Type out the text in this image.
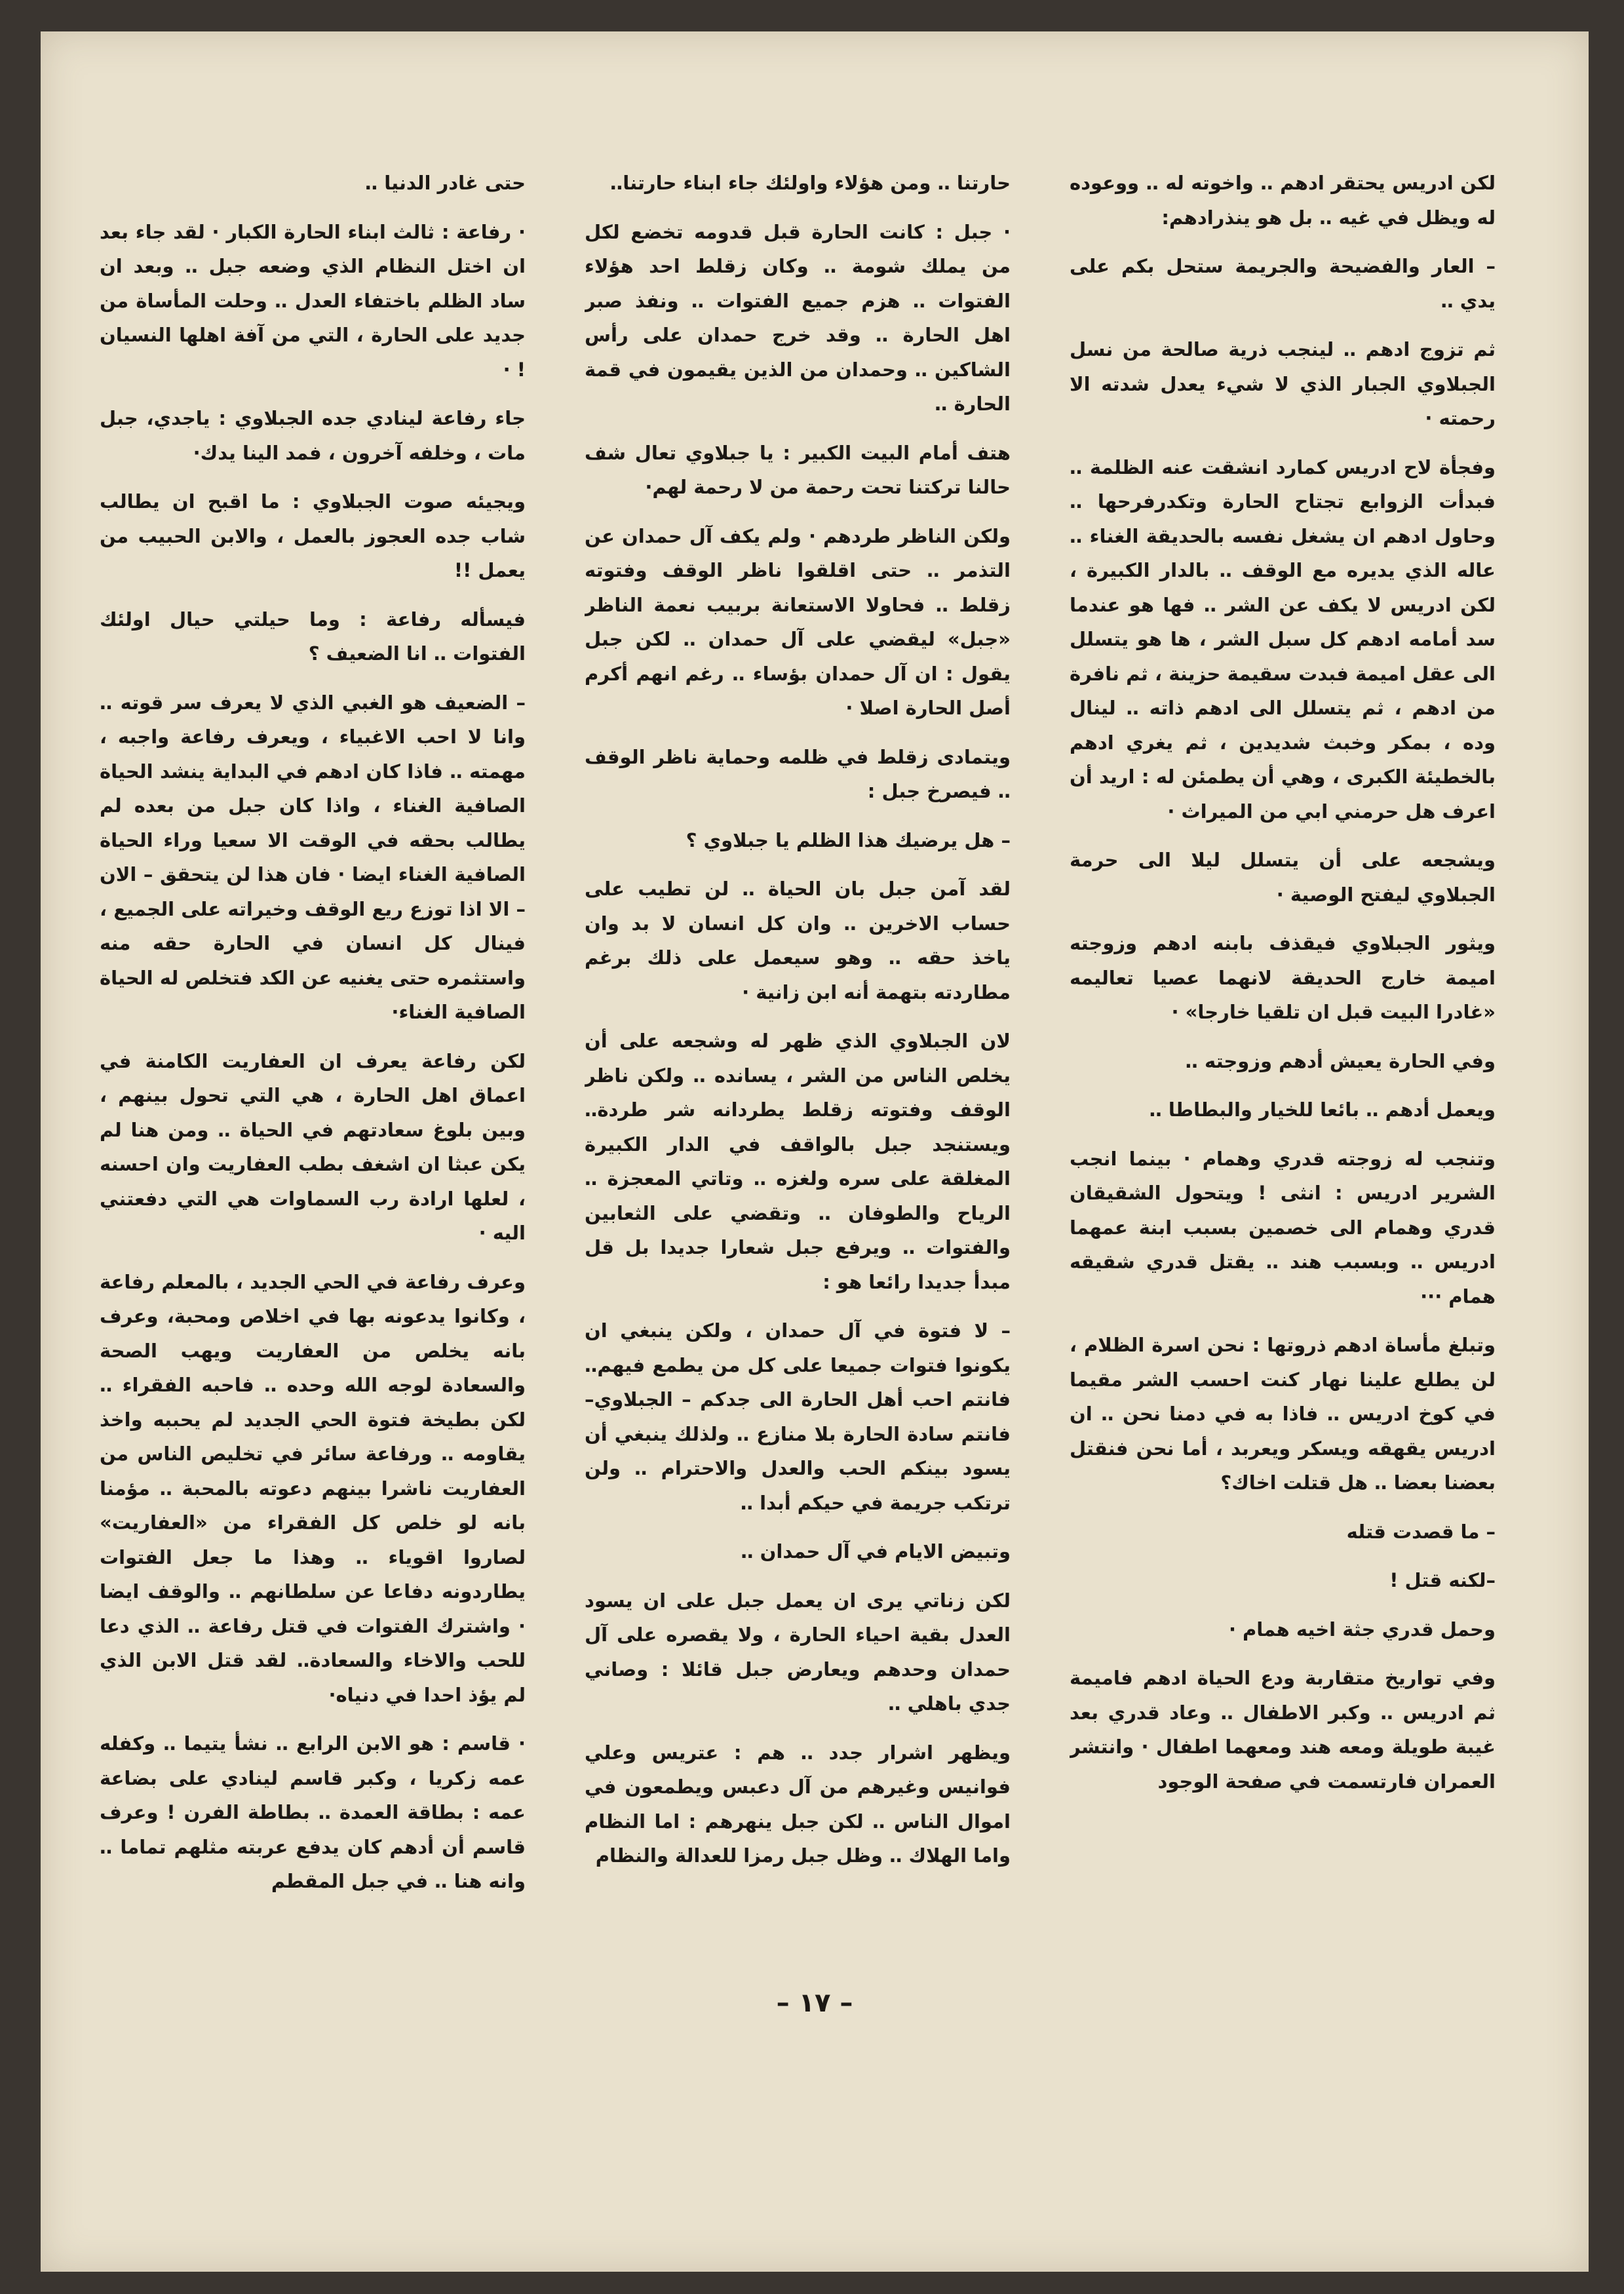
لكن ادريس يحتقر ادهم ‥ واخوته له ‥ ووعوده له ويظل في غيه ‥ بل هو ينذرادهم:

– العار والفضيحة والجريمة ستحل بكم على يدي ‥

ثم تزوج ادهم ‥ لينجب ذرية صالحة من نسل الجبلاوي الجبار الذي لا شيء يعدل شدته الا رحمته ·

وفجأة لاح ادريس كمارد انشقت عنه الظلمة ‥ فبدأت الزوابع تجتاح الحارة وتكدرفرحها ‥ وحاول ادهم ان يشغل نفسه بالحديقة الغناء ‥ عاله الذي يديره مع الوقف ‥ بالدار الكبيرة ، لكن ادريس لا يكف عن الشر ‥ فها هو عندما سد أمامه ادهم كل سبل الشر ، ها هو يتسلل الى عقل اميمة فبدت سقيمة حزينة ، ثم نافرة من ادهم ، ثم يتسلل الى ادهم ذاته ‥ لينال وده ، بمكر وخبث شديدين ، ثم يغري ادهم بالخطيئة الكبرى ، وهي أن يطمئن له : اريد أن اعرف هل حرمني ابي من الميراث ·

ويشجعه على أن يتسلل ليلا الى حرمة الجبلاوي ليفتح الوصية ·

ويثور الجبلاوي فيقذف بابنه ادهم وزوجته اميمة خارج الحديقة لانهما عصيا تعاليمه «غادرا البيت قبل ان تلقيا خارجا» ·

وفي الحارة يعيش أدهم وزوجته ‥

ويعمل أدهم ‥ بائعا للخيار والبطاطا ‥

وتنجب له زوجته قدري وهمام · بينما انجب الشرير ادريس : انثى ! ويتحول الشقيقان قدري وهمام الى خصمين بسبب ابنة عمهما ادريس ‥ وبسبب هند ‥ يقتل قدري شقيقه همام ···

وتبلغ مأساة ادهم ذروتها : نحن اسرة الظلام ، لن يطلع علينا نهار كنت احسب الشر مقيما في كوخ ادريس ‥ فاذا به في دمنا نحن ‥ ان ادريس يقهقه ويسكر ويعربد ، أما نحن فنقتل بعضنا بعضا ‥ هل قتلت اخاك؟

– ما قصدت قتله

–لكنه قتل !

وحمل قدري جثة اخيه همام ·

وفي تواريخ متقاربة ودع الحياة ادهم فاميمة ثم ادريس ‥ وكبر الاطفال ‥ وعاد قدري بعد غيبة طويلة ومعه هند ومعهما اطفال · وانتشر العمران فارتسمت في صفحة الوجود

حارتنا ‥ ومن هؤلاء واولئك جاء ابناء حارتنا‥

· جبل : كانت الحارة قبل قدومه تخضع لكل من يملك شومة ‥ وكان زقلط احد هؤلاء الفتوات ‥ هزم جميع الفتوات ‥ ونفذ صبر اهل الحارة ‥ وقد خرج حمدان على رأس الشاكين ‥ وحمدان من الذين يقيمون في قمة الحارة ‥

هتف أمام البيت الكبير : يا جبلاوي تعال شف حالنا تركتنا تحت رحمة من لا رحمة لهم·

ولكن الناظر طردهم · ولم يكف آل حمدان عن التذمر ‥ حتى اقلقوا ناظر الوقف وفتوته زقلط ‥ فحاولا الاستعانة بربيب نعمة الناظر «جبل» ليقضي على آل حمدان ‥ لكن جبل يقول : ان آل حمدان بؤساء ‥ رغم انهم أكرم أصل الحارة اصلا ·

ويتمادى زقلط في ظلمه وحماية ناظر الوقف ‥ فيصرخ جبل :

– هل يرضيك هذا الظلم يا جبلاوي ؟

لقد آمن جبل بان الحياة ‥ لن تطيب على حساب الاخرين ‥ وان كل انسان لا بد وان ياخذ حقه ‥ وهو سيعمل على ذلك برغم مطاردته بتهمة أنه ابن زانية ·

لان الجبلاوي الذي ظهر له وشجعه على أن يخلص الناس من الشر ، يسانده ‥ ولكن ناظر الوقف وفتوته زقلط يطردانه شر طردة‥ ويستنجد جبل بالواقف في الدار الكبيرة المغلقة على سره ولغزه ‥ وتاتي المعجزة ‥ الرياح والطوفان ‥ وتقضي على الثعابين والفتوات ‥ ويرفع جبل شعارا جديدا بل قل مبدأ جديدا رائعا هو :

– لا فتوة في آل حمدان ، ولكن ينبغي ان يكونوا فتوات جميعا على كل من يطمع فيهم‥ فانتم احب أهل الحارة الى جدكم – الجبلاوي– فانتم سادة الحارة بلا منازع ‥ ولذلك ينبغي أن يسود بينكم الحب والعدل والاحترام ‥ ولن ترتكب جريمة في حيكم أبدا ‥

وتبيض الايام في آل حمدان ‥

لكن زناتي يرى ان يعمل جبل على ان يسود العدل بقية احياء الحارة ، ولا يقصره على آل حمدان وحدهم ويعارض جبل قائلا : وصاني جدي باهلي ‥

ويظهر اشرار جدد ‥ هم : عتريس وعلي فوانيس وغيرهم من آل دعبس ويطمعون في اموال الناس ‥ لكن جبل ينهرهم : اما النظام واما الهلاك ‥ وظل جبل رمزا للعدالة والنظام

حتى غادر الدنيا ‥

· رفاعة : ثالث ابناء الحارة الكبار · لقد جاء بعد ان اختل النظام الذي وضعه جبل ‥ وبعد ان ساد الظلم باختفاء العدل ‥ وحلت المأساة من جديد على الحارة ، التي من آفة اهلها النسيان ! ·

جاء رفاعة لينادي جده الجبلاوي : ياجدي، جبل مات ، وخلفه آخرون ، فمد الينا يدك·

ويجيئه صوت الجبلاوي : ما اقبح ان يطالب شاب جده العجوز بالعمل ، والابن الحبيب من يعمل !!

فيسأله رفاعة : وما حيلتي حيال اولئك الفتوات ‥ انا الضعيف ؟

– الضعيف هو الغبي الذي لا يعرف سر قوته ‥ وانا لا احب الاغبياء ، ويعرف رفاعة واجبه ، مهمته ‥ فاذا كان ادهم في البداية ينشد الحياة الصافية الغناء ، واذا كان جبل من بعده لم يطالب بحقه في الوقت الا سعيا وراء الحياة الصافية الغناء ايضا · فان هذا لن يتحقق – الان – الا اذا توزع ريع الوقف وخيراته على الجميع ، فينال كل انسان في الحارة حقه منه واستثمره حتى يغنيه عن الكد فتخلص له الحياة الصافية الغناء·

لكن رفاعة يعرف ان العفاريت الكامنة في اعماق اهل الحارة ، هي التي تحول بينهم ، وبين بلوغ سعادتهم في الحياة ‥ ومن هنا لم يكن عبثا ان اشغف بطب العفاريت وان احسنه ، لعلها ارادة رب السماوات هي التي دفعتني اليه ·

وعرف رفاعة في الحي الجديد ، بالمعلم رفاعة ، وكانوا يدعونه بها في اخلاص ومحبة، وعرف بانه يخلص من العفاريت ويهب الصحة والسعادة لوجه الله وحده ‥ فاحبه الفقراء ‥ لكن بطيخة فتوة الحي الجديد لم يحببه واخذ يقاومه ‥ ورفاعة سائر في تخليص الناس من العفاريت ناشرا بينهم دعوته بالمحبة ‥ مؤمنا بانه لو خلص كل الفقراء من «العفاريت» لصاروا اقوياء ‥ وهذا ما جعل الفتوات يطاردونه دفاعا عن سلطانهم ‥ والوقف ايضا · واشترك الفتوات في قتل رفاعة ‥ الذي دعا للحب والاخاء والسعادة‥ لقد قتل الابن الذي لم يؤذ احدا في دنياه·

· قاسم : هو الابن الرابع ‥ نشأ يتيما ‥ وكفله عمه زكريا ، وكبر قاسم لينادي على بضاعة عمه : بطاقة العمدة ‥ بطاطة الفرن ! وعرف قاسم أن أدهم كان يدفع عربته مثلهم تماما ‥ وانه هنا ‥ في جبل المقطم

– ١٧ –
